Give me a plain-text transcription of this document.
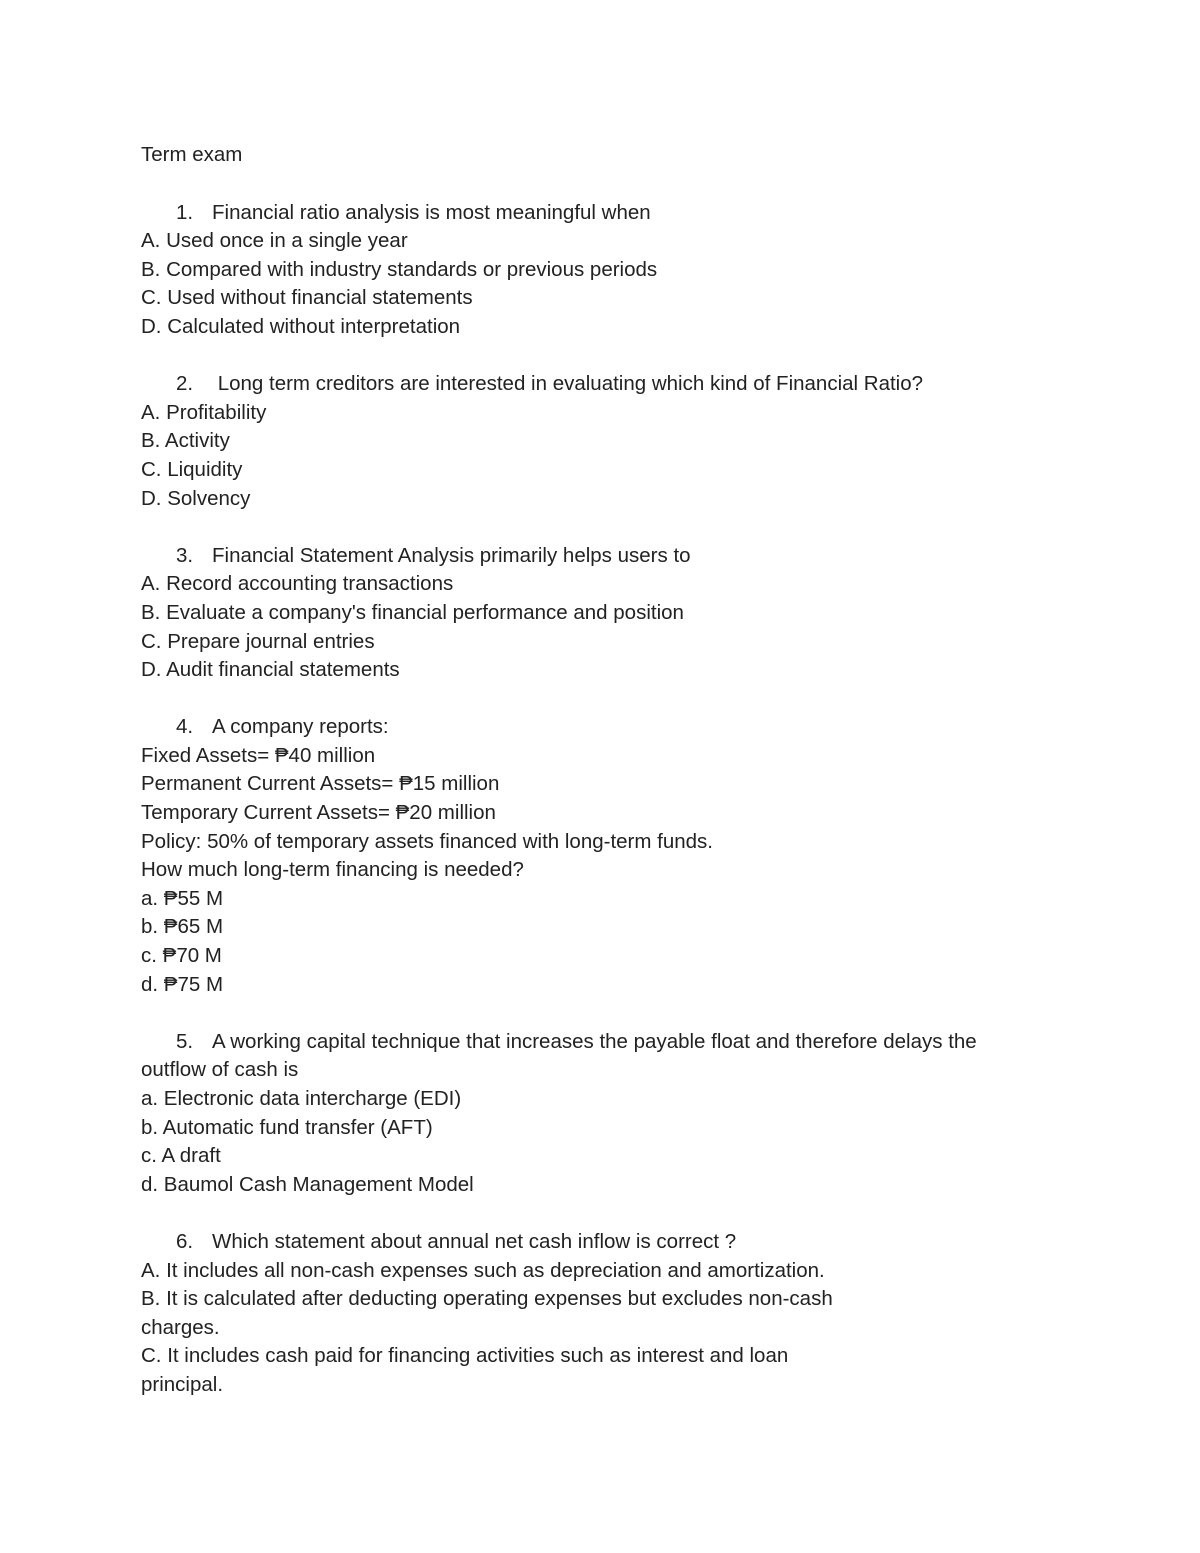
Term exam
1. Financial ratio analysis is most meaningful when
A. Used once in a single year
B. Compared with industry standards or previous periods
C. Used without financial statements
D. Calculated without interpretation
2. Long term creditors are interested in evaluating which kind of Financial Ratio?
A. Profitability
B. Activity
C. Liquidity
D. Solvency
3. Financial Statement Analysis primarily helps users to
A. Record accounting transactions
B. Evaluate a company's financial performance and position
C. Prepare journal entries
D. Audit financial statements
4. A company reports:
Fixed Assets= ₱40 million
Permanent Current Assets= ₱15 million
Temporary Current Assets= ₱20 million
Policy: 50% of temporary assets financed with long-term funds.
How much long-term financing is needed?
a. ₱55 M
b. ₱65 M
c. ₱70 M
d. ₱75 M
5. A working capital technique that increases the payable float and therefore delays the
outflow of cash is
a. Electronic data intercharge (EDI)
b. Automatic fund transfer (AFT)
c. A draft
d. Baumol Cash Management Model
6. Which statement about annual net cash inflow is correct ?
A. It includes all non-cash expenses such as depreciation and amortization.
B. It is calculated after deducting operating expenses but excludes non-cash
charges.
C. It includes cash paid for financing activities such as interest and loan
principal.
